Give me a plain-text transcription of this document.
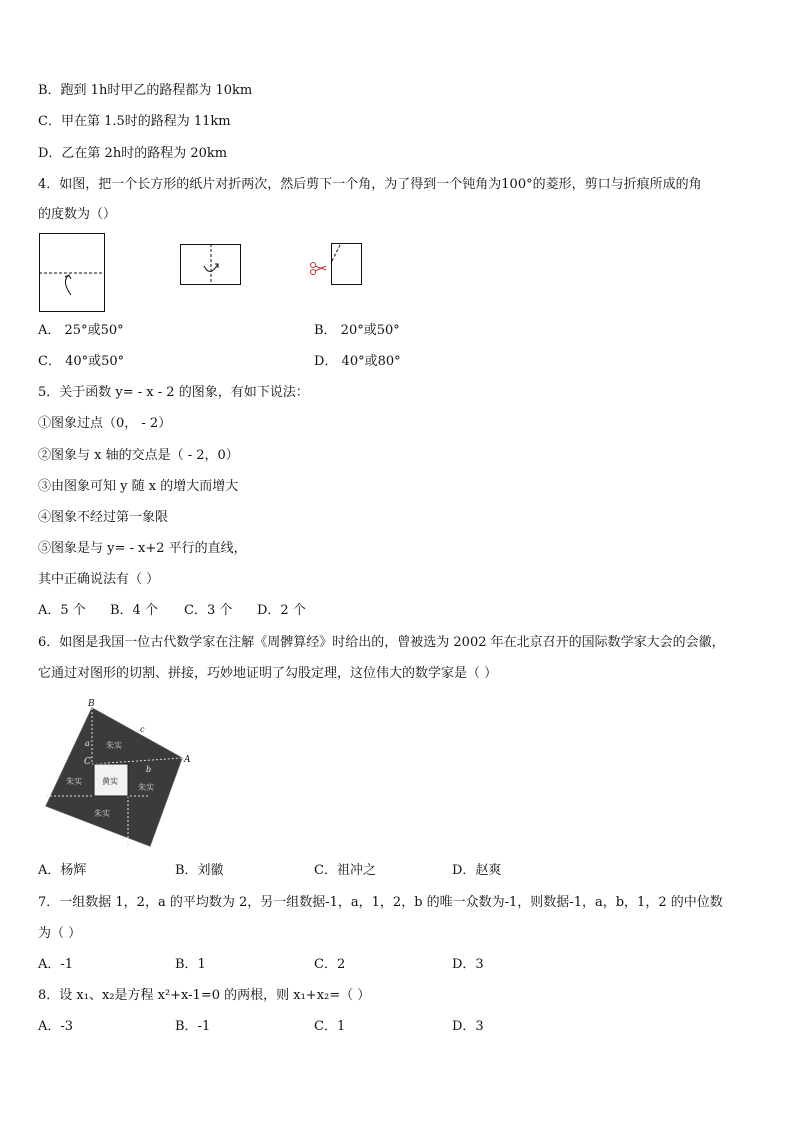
B．跑到 1h时甲乙的路程都为 10km
C．甲在第 1.5时的路程为 11km
D．乙在第 2h时的路程为 20km
4．如图，把一个长方形的纸片对折两次，然后剪下一个角，为了得到一个钝角为100°的菱形，剪口与折痕所成的角
的度数为（）
A． 25°或50°	B． 20°或50°
C． 40°或50°	D． 40°或80°
5．关于函数 y= - x - 2 的图象，有如下说法：
①图象过点（0， - 2）
②图象与 x 轴的交点是（ - 2，0）
③由图象可知 y 随 x 的增大而增大
④图象不经过第一象限
⑤图象是与 y= - x+2 平行的直线，
其中正确说法有（ ）
A．5 个 B．4 个 C．3 个 D．2 个
6．如图是我国一位古代数学家在注解《周髀算经》时给出的，曾被选为 2002 年在北京召开的国际数学家大会的会徽，
它通过对图形的切割、拼接，巧妙地证明了勾股定理，这位伟大的数学家是（ ）
黄实
朱实
朱实
朱实
朱实
B
A
C
a
b
c
A．杨辉	B．刘徽	C．祖冲之	D．赵爽
7．一组数据 1，2，a 的平均数为 2，另一组数据-1，a，1，2，b 的唯一众数为-1，则数据-1，a，b，1，2 的中位数
为（ ）
A．-1	B．1	C．2	D．3
8．设 x₁、x₂是方程 x²+x-1=0 的两根，则 x₁+x₂=（ ）
A．-3	B．-1	C．1	D．3
